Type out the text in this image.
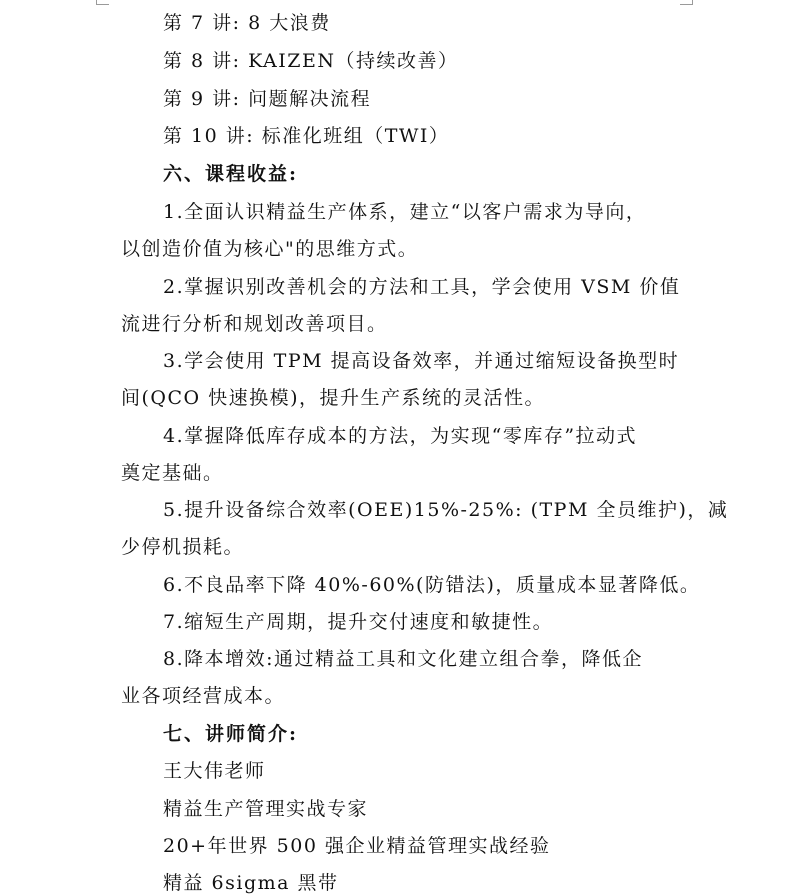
第 7 讲: 8 大浪费
第 8 讲: KAIZEN（持续改善）
第 9 讲: 问题解决流程
第 10 讲: 标准化班组（TWI）
六、课程收益:
1.全面认识精益生产体系，建立“以客户需求为导向，
以创造价值为核心"的思维方式。
2.掌握识别改善机会的方法和工具，学会使用 VSM 价值
流进行分析和规划改善项目。
3.学会使用 TPM 提高设备效率，并通过缩短设备换型时
间(QCO 快速换模)，提升生产系统的灵活性。
4.掌握降低库存成本的方法，为实现“零库存”拉动式
奠定基础。
5.提升设备综合效率(OEE)15%-25%: (TPM 全员维护)，减
少停机损耗。
6.不良品率下降 40%-60%(防错法)，质量成本显著降低。
7.缩短生产周期，提升交付速度和敏捷性。
8.降本增效:通过精益工具和文化建立组合拳，降低企
业各项经营成本。
七、讲师简介:
王大伟老师
精益生产管理实战专家
20+年世界 500 强企业精益管理实战经验
精益 6sigma 黑带
